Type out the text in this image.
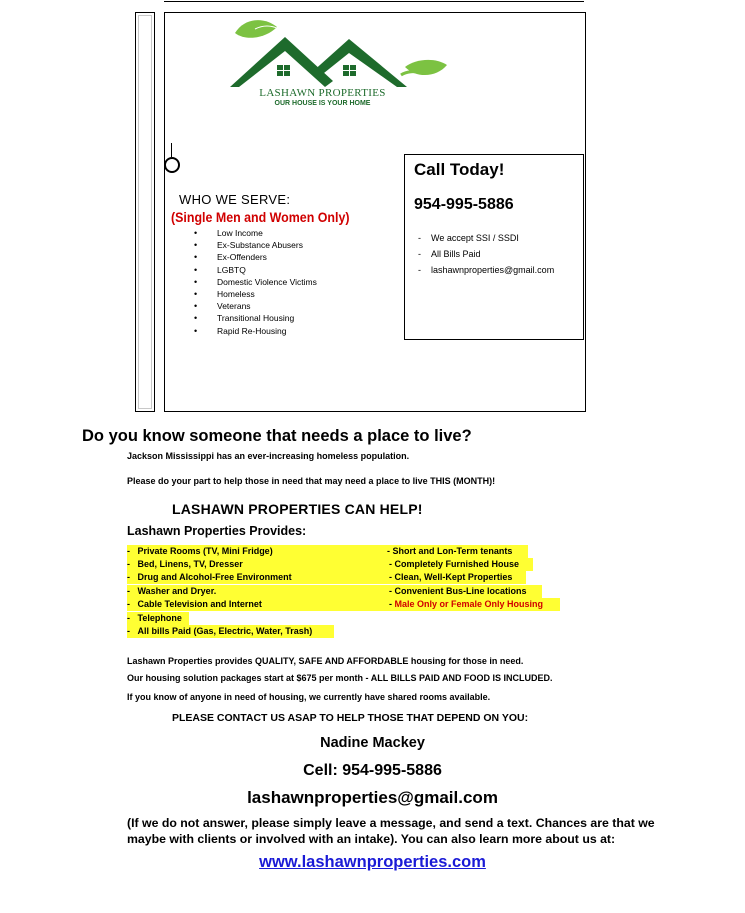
LASHAWN PROPERTIES
OUR HOUSE IS YOUR HOME
WHO WE SERVE:
(Single Men and Women Only)
• Low Income
• Ex-Substance Abusers
• Ex-Offenders
• LGBTQ
• Domestic Violence Victims
• Homeless
• Veterans
• Transitional Housing
• Rapid Re-Housing
Call Today!
954-995-5886
- We accept SSI / SSDI
- All Bills Paid
- lashawnproperties@gmail.com
Do you know someone that needs a place to live?
Jackson Mississippi has an ever-increasing homeless population.
Please do your part to help those in need that may need a place to live THIS (MONTH)!
LASHAWN PROPERTIES CAN HELP!
Lashawn Properties Provides:
-   Private Rooms (TV, Mini Fridge)
-   Bed, Linens, TV, Dresser
-   Drug and Alcohol-Free Environment
-   Washer and Dryer.
-   Cable Television and Internet
-   Telephone
-   All bills Paid (Gas, Electric, Water, Trash)
- Short and Lon-Term tenants
- Completely Furnished House
- Clean, Well-Kept Properties
- Convenient Bus-Line locations
- Male Only or Female Only Housing
Lashawn Properties provides QUALITY, SAFE AND AFFORDABLE housing for those in need.
Our housing solution packages start at $675 per month - ALL BILLS PAID AND FOOD IS INCLUDED.
If you know of anyone in need of housing, we currently have shared rooms available.
PLEASE CONTACT US ASAP TO HELP THOSE THAT DEPEND ON YOU:
Nadine Mackey
Cell: 954-995-5886
lashawnproperties@gmail.com
(If we do not answer, please simply leave a message, and send a text. Chances are that we maybe with clients or involved with an intake). You can also learn more about us at:
www.lashawnproperties.com
